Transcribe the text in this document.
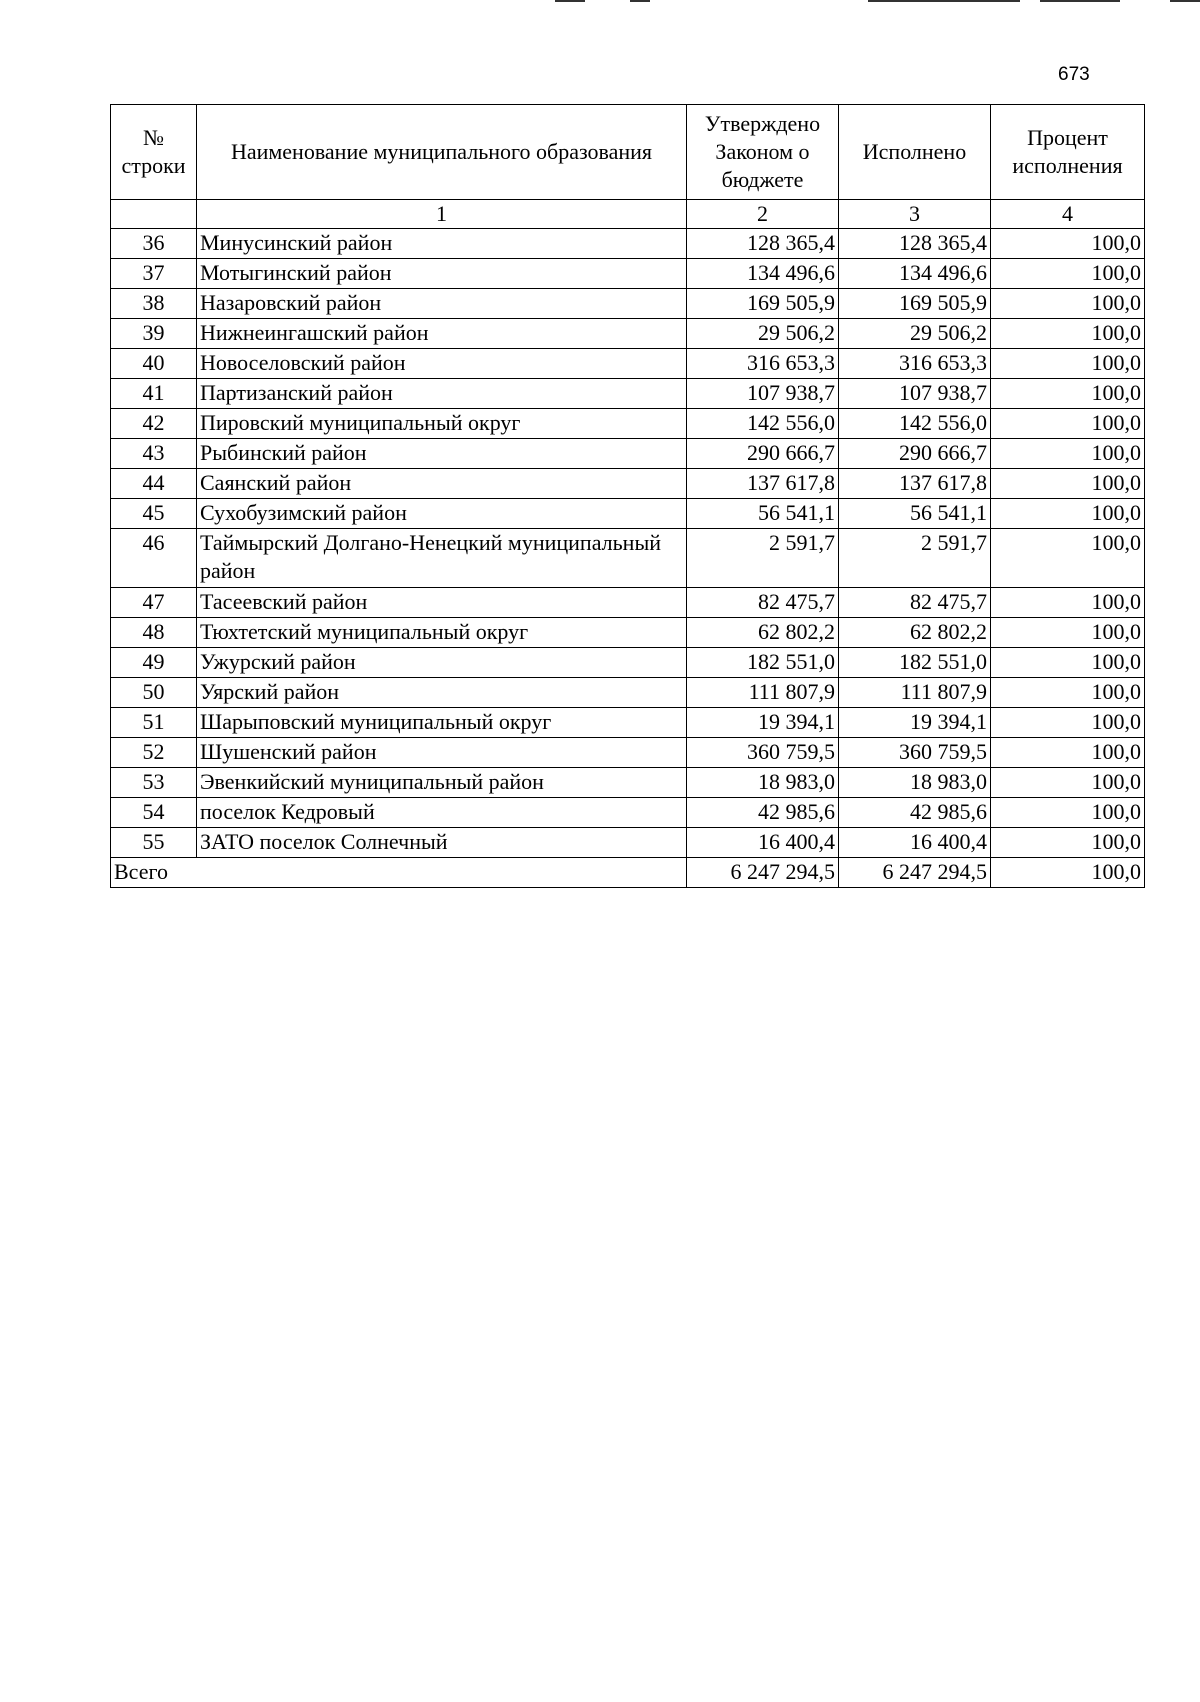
673
№ строки	Наименование муниципального образования	Утверждено Законом о бюджете	Исполнено	Процент исполнения
	1	2	3	4
36	Минусинский район	128 365,4	128 365,4	100,0
37	Мотыгинский район	134 496,6	134 496,6	100,0
38	Назаровский район	169 505,9	169 505,9	100,0
39	Нижнеингашский район	29 506,2	29 506,2	100,0
40	Новоселовский район	316 653,3	316 653,3	100,0
41	Партизанский район	107 938,7	107 938,7	100,0
42	Пировский муниципальный округ	142 556,0	142 556,0	100,0
43	Рыбинский район	290 666,7	290 666,7	100,0
44	Саянский район	137 617,8	137 617,8	100,0
45	Сухобузимский район	56 541,1	56 541,1	100,0
46	Таймырский Долгано-Ненецкий муниципальный район	2 591,7	2 591,7	100,0
47	Тасеевский район	82 475,7	82 475,7	100,0
48	Тюхтетский муниципальный округ	62 802,2	62 802,2	100,0
49	Ужурский район	182 551,0	182 551,0	100,0
50	Уярский район	111 807,9	111 807,9	100,0
51	Шарыповский муниципальный округ	19 394,1	19 394,1	100,0
52	Шушенский район	360 759,5	360 759,5	100,0
53	Эвенкийский муниципальный район	18 983,0	18 983,0	100,0
54	поселок Кедровый	42 985,6	42 985,6	100,0
55	ЗАТО поселок Солнечный	16 400,4	16 400,4	100,0
Всего		6 247 294,5	6 247 294,5	100,0
